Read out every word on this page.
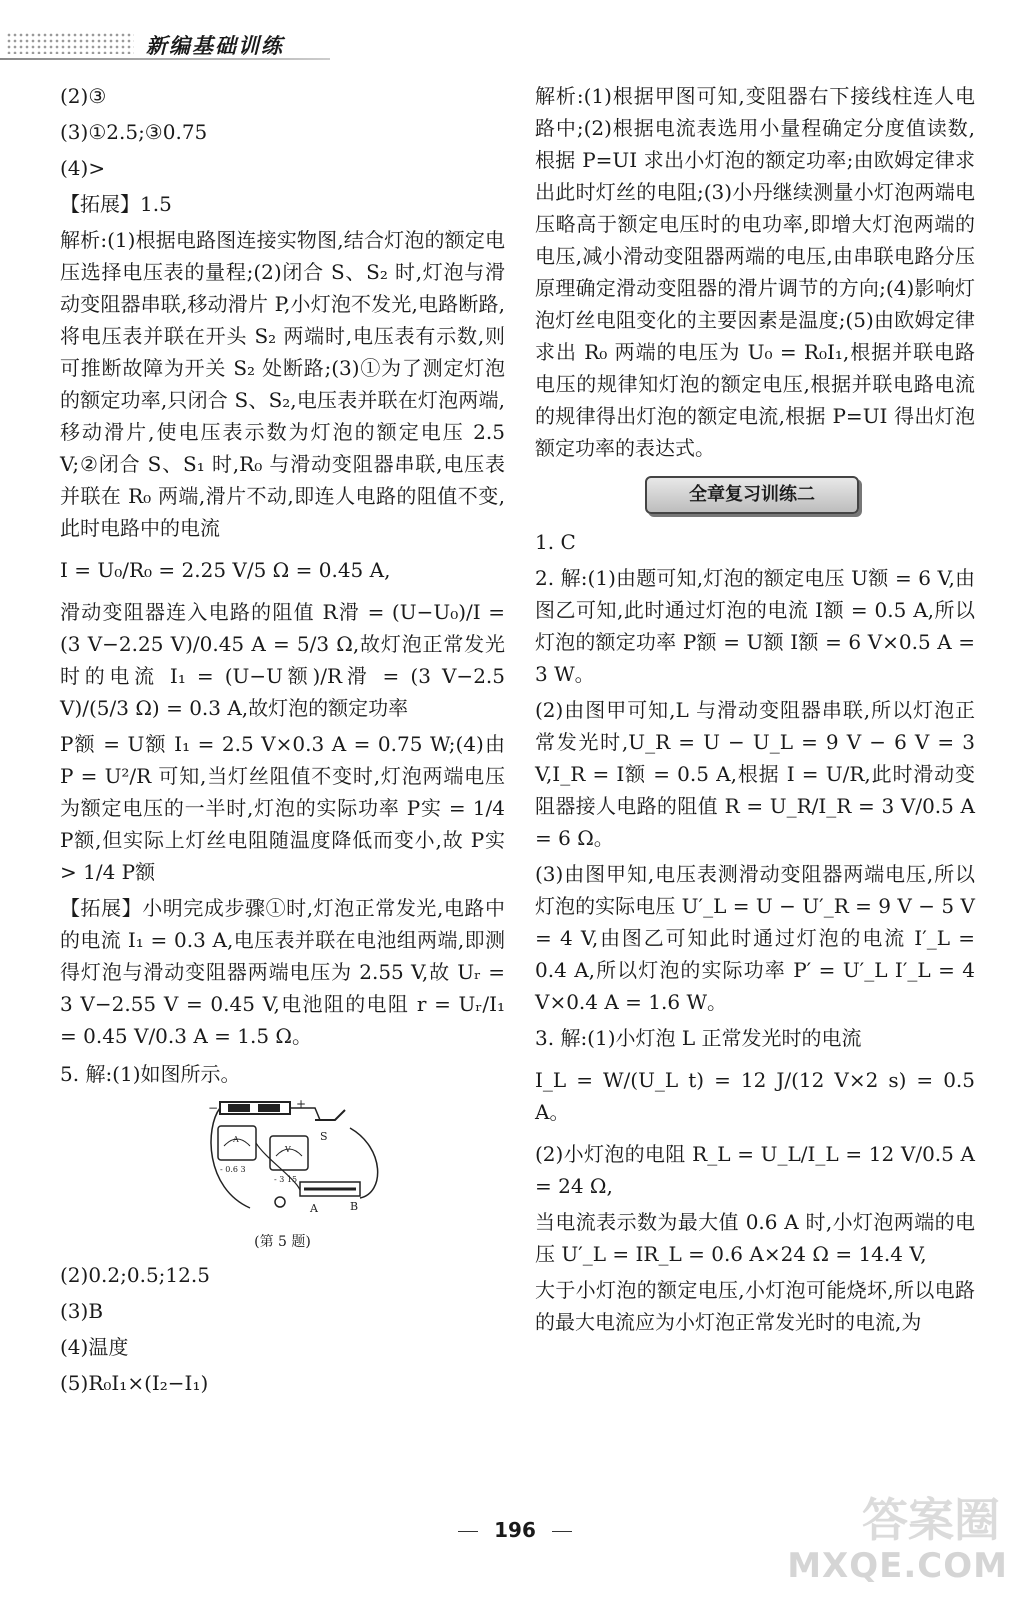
新编基础训练

(2)③

(3)①2.5;③0.75

(4)>

【拓展】1.5

解析:(1)根据电路图连接实物图,结合灯泡的额定电压选择电压表的量程;(2)闭合 S、S₂ 时,灯泡与滑动变阻器串联,移动滑片 P,小灯泡不发光,电路断路,将电压表并联在开头 S₂ 两端时,电压表有示数,则可推断故障为开关 S₂ 处断路;(3)①为了测定灯泡的额定功率,只闭合 S、S₂,电压表并联在灯泡两端,移动滑片,使电压表示数为灯泡的额定电压 2.5 V;②闭合 S、S₁ 时,R₀ 与滑动变阻器串联,电压表并联在 R₀ 两端,滑片不动,即连人电路的阻值不变,此时电路中的电流

I = U₀/R₀ = 2.25 V/5 Ω = 0.45 A,

滑动变阻器连入电路的阻值 R滑 = (U−U₀)/I = (3 V−2.25 V)/0.45 A = 5/3 Ω,故灯泡正常发光时的电流 I₁ = (U−U额)/R滑 = (3 V−2.5 V)/(5/3 Ω) = 0.3 A,故灯泡的额定功率

P额 = U额 I₁ = 2.5 V×0.3 A = 0.75 W;(4)由 P = U²/R 可知,当灯丝阻值不变时,灯泡两端电压为额定电压的一半时,灯泡的实际功率 P实 = 1/4 P额,但实际上灯丝电阻随温度降低而变小,故 P实 > 1/4 P额

【拓展】小明完成步骤①时,灯泡正常发光,电路中的电流 I₁ = 0.3 A,电压表并联在电池组两端,即测得灯泡与滑动变阻器两端电压为 2.55 V,故 Uᵣ = 3 V−2.55 V = 0.45 V,电池阻的电阻 r = Uᵣ/I₁ = 0.45 V/0.3 A = 1.5 Ω。

5. 解:(1)如图所示。

−	+
S
A
- 0.6 3
V
- 3 15
A	B

(第 5 题)

(2)0.2;0.5;12.5

(3)B

(4)温度

(5)R₀I₁×(I₂−I₁)

解析:(1)根据甲图可知,变阻器右下接线柱连人电路中;(2)根据电流表选用小量程确定分度值读数,根据 P=UI 求出小灯泡的额定功率;由欧姆定律求出此时灯丝的电阻;(3)小丹继续测量小灯泡两端电压略高于额定电压时的电功率,即增大灯泡两端的电压,减小滑动变阻器两端的电压,由串联电路分压原理确定滑动变阻器的滑片调节的方向;(4)影响灯泡灯丝电阻变化的主要因素是温度;(5)由欧姆定律求出 R₀ 两端的电压为 U₀ = R₀I₁,根据并联电路电压的规律知灯泡的额定电压,根据并联电路电流的规律得出灯泡的额定电流,根据 P=UI 得出灯泡额定功率的表达式。

全章复习训练二

1. C

2. 解:(1)由题可知,灯泡的额定电压 U额 = 6 V,由图乙可知,此时通过灯泡的电流 I额 = 0.5 A,所以灯泡的额定功率 P额 = U额 I额 = 6 V×0.5 A = 3 W。

(2)由图甲可知,L 与滑动变阻器串联,所以灯泡正常发光时,U_R = U − U_L = 9 V − 6 V = 3 V,I_R = I额 = 0.5 A,根据 I = U/R,此时滑动变阻器接人电路的阻值 R = U_R/I_R = 3 V/0.5 A = 6 Ω。

(3)由图甲知,电压表测滑动变阻器两端电压,所以灯泡的实际电压 U′_L = U − U′_R = 9 V − 5 V = 4 V,由图乙可知此时通过灯泡的电流 I′_L = 0.4 A,所以灯泡的实际功率 P′ = U′_L I′_L = 4 V×0.4 A = 1.6 W。

3. 解:(1)小灯泡 L 正常发光时的电流

I_L = W/(U_L t) = 12 J/(12 V×2 s) = 0.5 A。

(2)小灯泡的电阻 R_L = U_L/I_L = 12 V/0.5 A = 24 Ω,

当电流表示数为最大值 0.6 A 时,小灯泡两端的电压 U′_L = IR_L = 0.6 A×24 Ω = 14.4 V,

大于小灯泡的额定电压,小灯泡可能烧坏,所以电路的最大电流应为小灯泡正常发光时的电流,为

196	答案圈
MXQE.COM
